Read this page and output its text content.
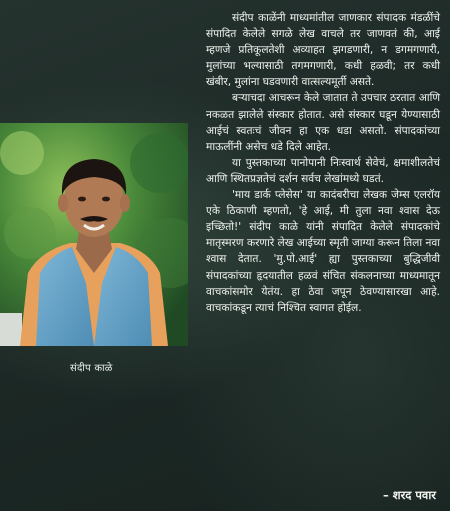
संदीप काळे

संदीप काळेंनी माध्यमांतील जाणकार संपादक मंडळींचे संपादित केलेले सगळे लेख वाचले तर जाणवतं की, आई म्हणजे प्रतिकूलतेशी अव्याहत झगडणारी, न डगमगणारी, मुलांच्या भल्यासाठी तगमगणारी, कधी हळवी; तर कधी खंबीर, मुलांना घडवणारी वात्सल्यमूर्ती असते.

बऱ्याचदा आचरून केले जातात ते उपचार ठरतात आणि नकळत झालेले संस्कार होतात. असे संस्कार घडून येण्यासाठी आईचं स्वतःचं जीवन हा एक धडा असतो. संपादकांच्या माऊलींनी असेच धडे दिले आहेत.

या पुस्तकाच्या पानोपानी निःस्वार्थ सेवेचं, क्षमाशीलतेचं आणि स्थितप्रज्ञतेचं दर्शन सर्वच लेखांमध्ये घडतं.

'माय डार्क प्लेसेस' या कादंबरीचा लेखक जेम्स एलरॉय एके ठिकाणी म्हणतो, 'हे आई, मी तुला नवा श्वास देऊ इच्छितो!' संदीप काळे यांनी संपादित केलेले संपादकांचे मातृस्मरण करणारे लेख आईच्या स्मृती जाग्या करून तिला नवा श्वास देतात. 'मु.पो.आई' ह्या पुस्तकाच्या बुद्धिजीवी संपादकांच्या हृदयातील हळवं संचित संकलनाच्या माध्यमातून वाचकांसमोर येतंय. हा ठेवा जपून ठेवण्यासारखा आहे. वाचकांकडून त्याचं निश्चित स्वागत होईल.

– शरद पवार
